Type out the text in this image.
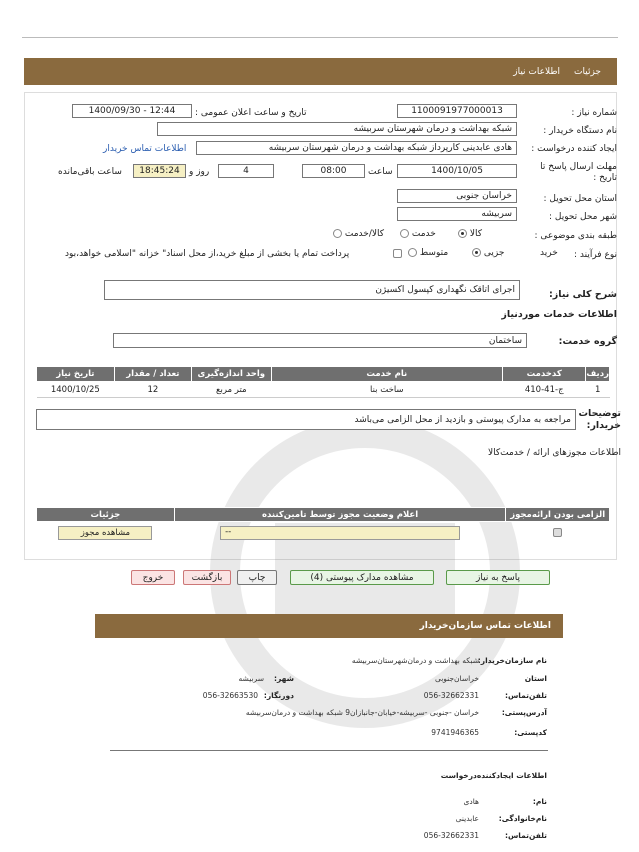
جزئیات
اطلاعات نیاز
شماره نیاز :
1100091977000013
تاریخ و ساعت اعلان عمومی :
1400/09/30 - 12:44
نام دستگاه خریدار :
شبکه بهداشت و درمان شهرستان سربیشه
ایجاد کننده درخواست :
هادی عابدینی کارپرداز شبکه بهداشت و درمان شهرستان سربیشه
اطلاعات تماس خریدار
مهلت ارسال پاسخ تا
تاریخ :
1400/10/05
ساعت
08:00
4
روز و
18:45:24
ساعت باقی‌مانده
استان محل تحویل :
خراسان جنوبی
شهر محل تحویل :
سربیشه
طبقه بندی موضوعی :
کالا
خدمت
کالا/خدمت
نوع فرآیند :
خرید
جزیی
متوسط
پرداخت تمام یا بخشی از مبلغ خرید،از محل اسناد" خزانه "اسلامی خواهد،بود
شرح کلی نیاز:
اجرای اتاقک نگهداری کپسول اکسیژن
اطلاعات خدمات موردنیاز
گروه خدمت:
ساختمان
ردیف	کدخدمت	نام خدمت	واحد اندازه‌گیری	تعداد / مقدار	تاریخ نیاز
1	ج-41-410	ساخت بنا	متر مربع	12	1400/10/25
توضیحات
خریدار:
مراجعه به مدارک پیوستی و بازدید از محل الزامی می‌باشد
اطلاعات مجوزهای ارائه / خدمت‌کالا
الزامی بودن ارائه‌مجوز	اعلام وضعیت مجوز توسط تامین‌کننده	جزئیات

	--	مشاهده مجوز
پاسخ به نیاز
مشاهده مدارک پیوستی (4)
چاپ
بازگشت
خروج
اطلاعات تماس سازمان‌خریدار
نام سازمان‌خریدار:
شبکه بهداشت و درمان‌شهرستان‌سربیشه
استان
خراسان‌جنوبی
شهر:
سربیشه
تلفن‌تماس:
056-32662331
دورنگار:
056-32663530
آدرس‌پستی:
خراسان -جنوبی -سربیشه-خیابان-جانبازان9 شبکه بهداشت و درمان‌سربیشه
کدپستی:
9741946365
اطلاعات ایجادکننده‌درخواست
نام:
هادی
نام‌خانوادگی:
عابدینی
تلفن‌تماس:
056-32662331
